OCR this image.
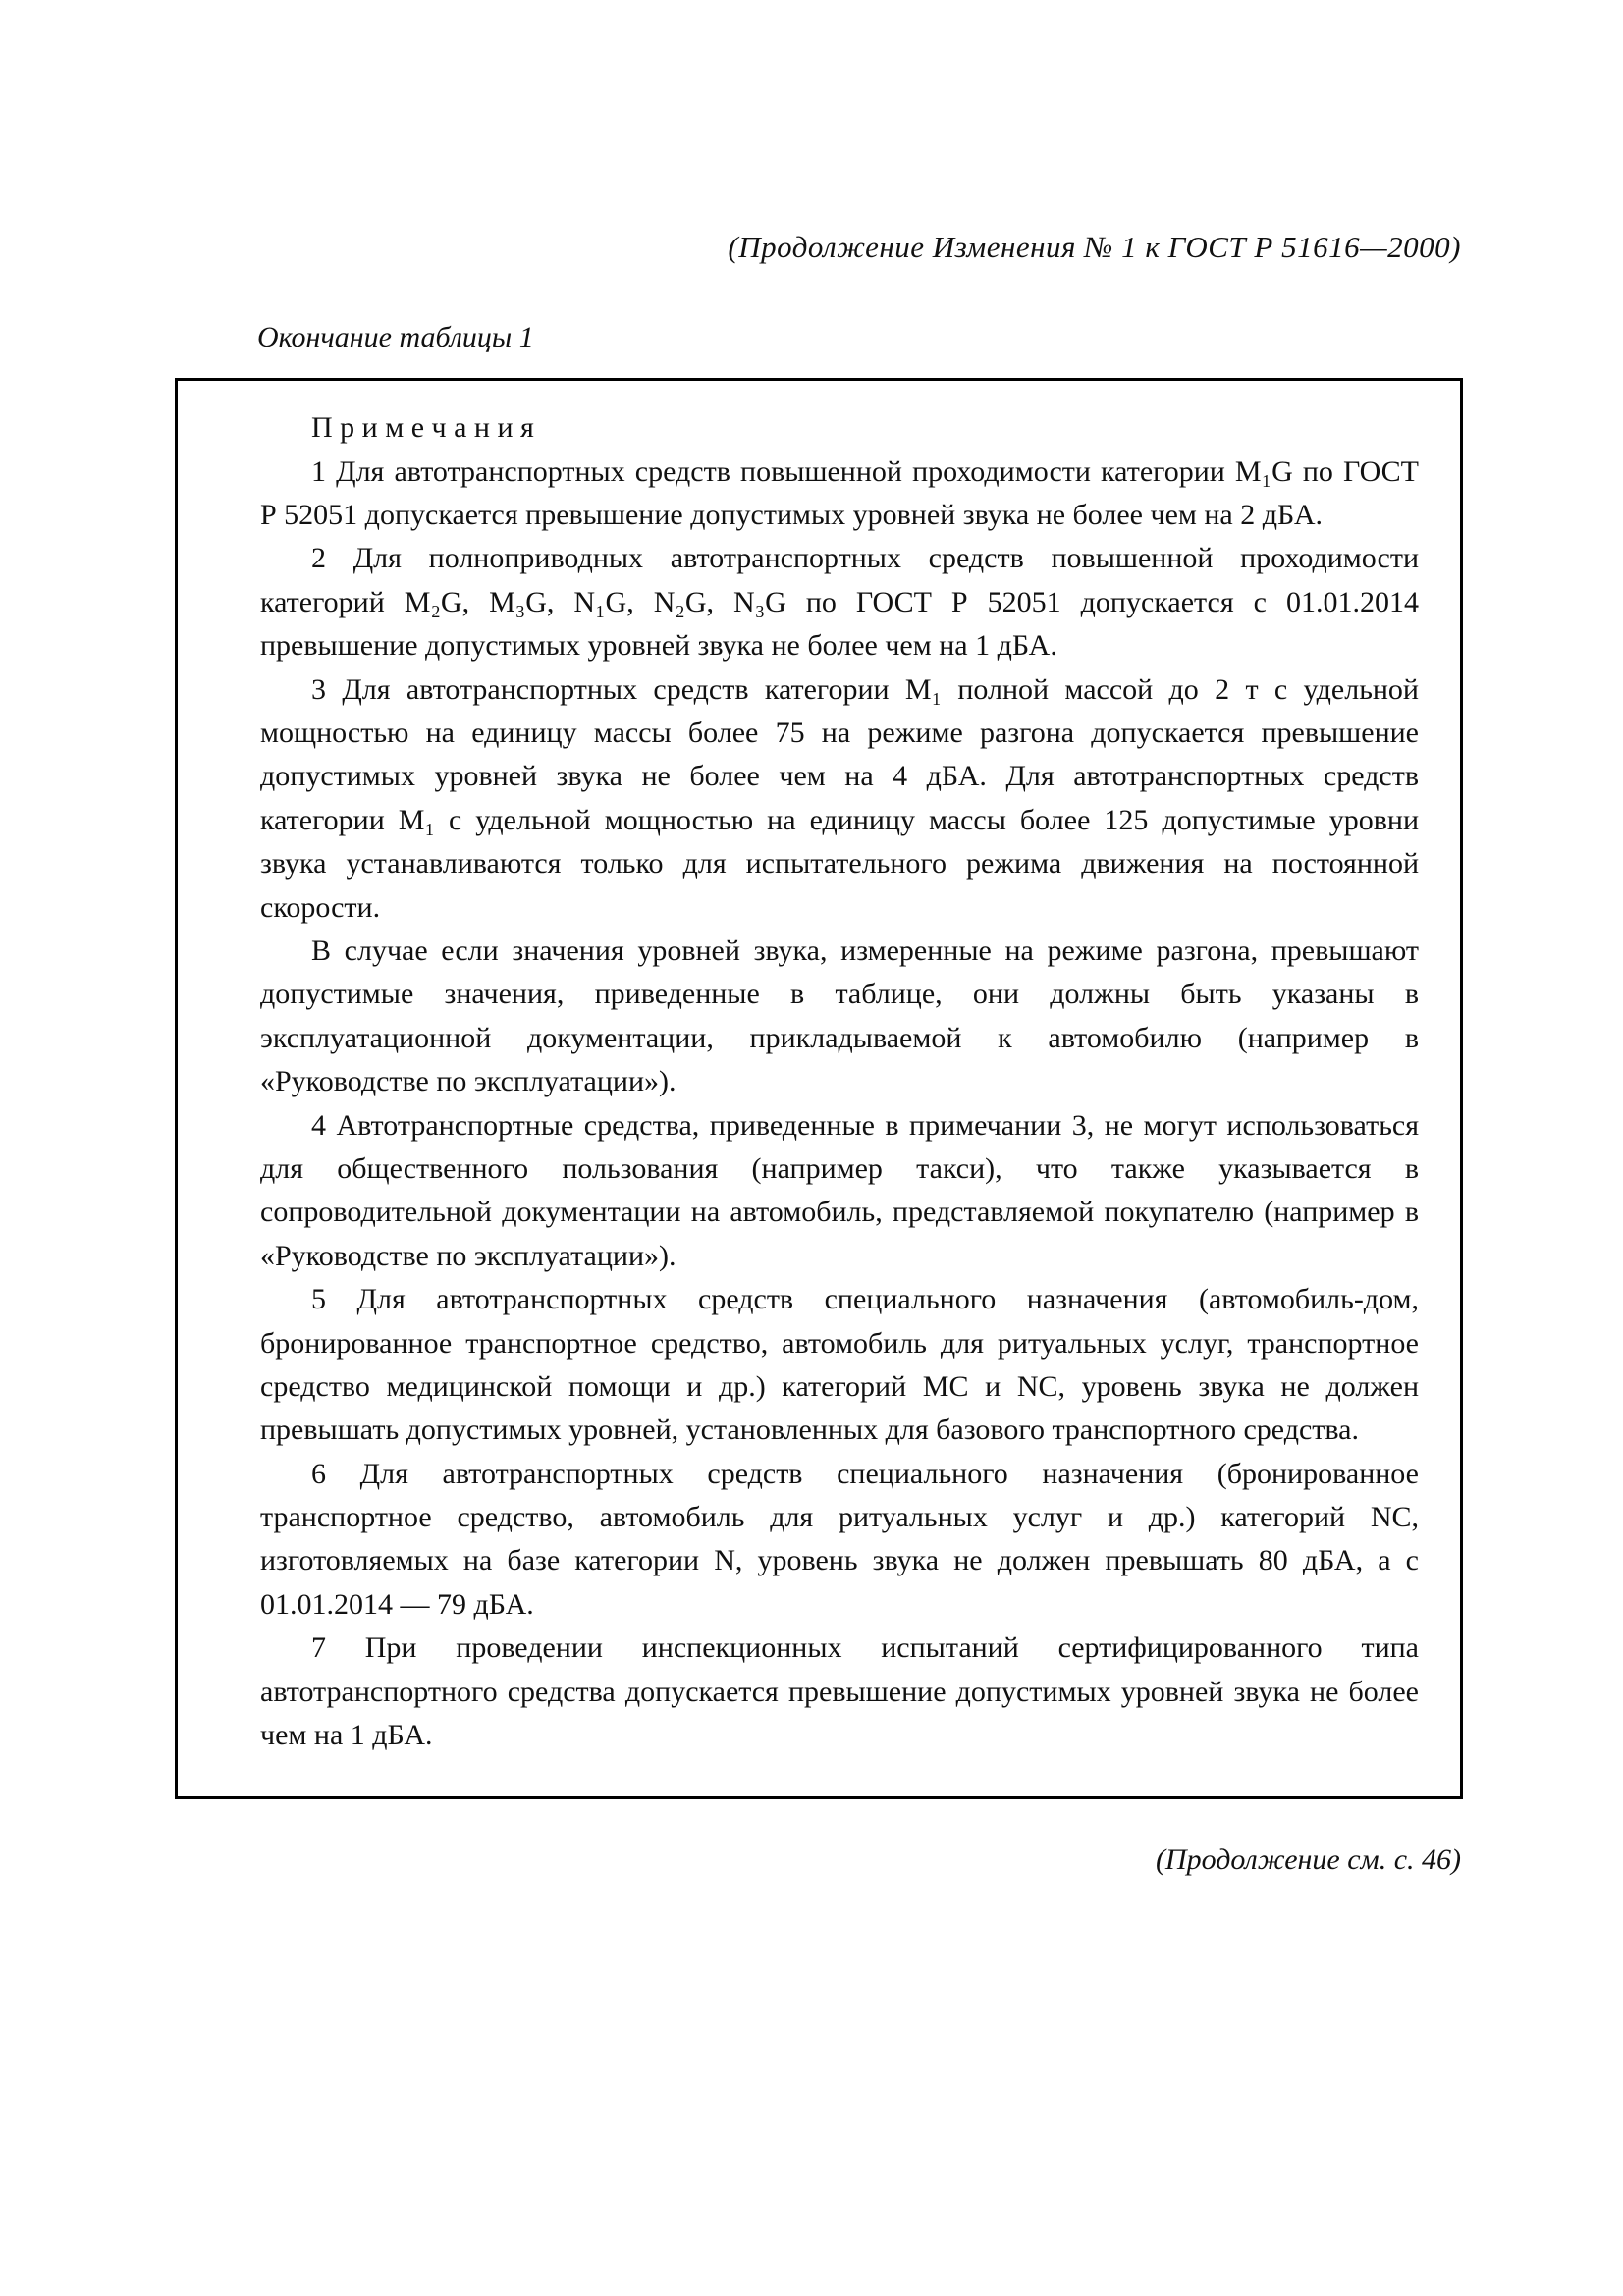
(Продолжение Изменения № 1 к ГОСТ Р 51616—2000)
Окончание таблицы 1

П р и м е ч а н и я

1 Для автотранспортных средств повышенной проходимости категории M₁G по ГОСТ Р 52051 допускается превышение допустимых уровней звука не более чем на 2 дБА.

2 Для полноприводных автотранспортных средств повышенной проходимости категорий M₂G, M₃G, N₁G, N₂G, N₃G по ГОСТ Р 52051 допускается с 01.01.2014 превышение допустимых уровней звука не более чем на 1 дБА.

3 Для автотранспортных средств категории M₁ полной массой до 2 т с удельной мощностью на единицу массы более 75 на режиме разгона допускается превышение допустимых уровней звука не более чем на 4 дБА. Для автотранспортных средств категории M₁ с удельной мощностью на единицу массы более 125 допустимые уровни звука устанавливаются только для испытательного режима движения на постоянной скорости.

В случае если значения уровней звука, измеренные на режиме разгона, превышают допустимые значения, приведенные в таблице, они должны быть указаны в эксплуатационной документации, прикладываемой к автомобилю (например в «Руководстве по эксплуатации»).

4 Автотранспортные средства, приведенные в примечании 3, не могут использоваться для общественного пользования (например такси), что также указывается в сопроводительной документации на автомобиль, представляемой покупателю (например в «Руководстве по эксплуатации»).

5 Для автотранспортных средств специального назначения (автомобиль-дом, бронированное транспортное средство, автомобиль для ритуальных услуг, транспортное средство медицинской помощи и др.) категорий МС и NC, уровень звука не должен превышать допустимых уровней, установленных для базового транспортного средства.

6 Для автотранспортных средств специального назначения (бронированное транспортное средство, автомобиль для ритуальных услуг и др.) категорий NC, изготовляемых на базе категории N, уровень звука не должен превышать 80 дБА, а с 01.01.2014 — 79 дБА.

7 При проведении инспекционных испытаний сертифицированного типа автотранспортного средства допускается превышение допустимых уровней звука не более чем на 1 дБА.

(Продолжение см. с. 46)
